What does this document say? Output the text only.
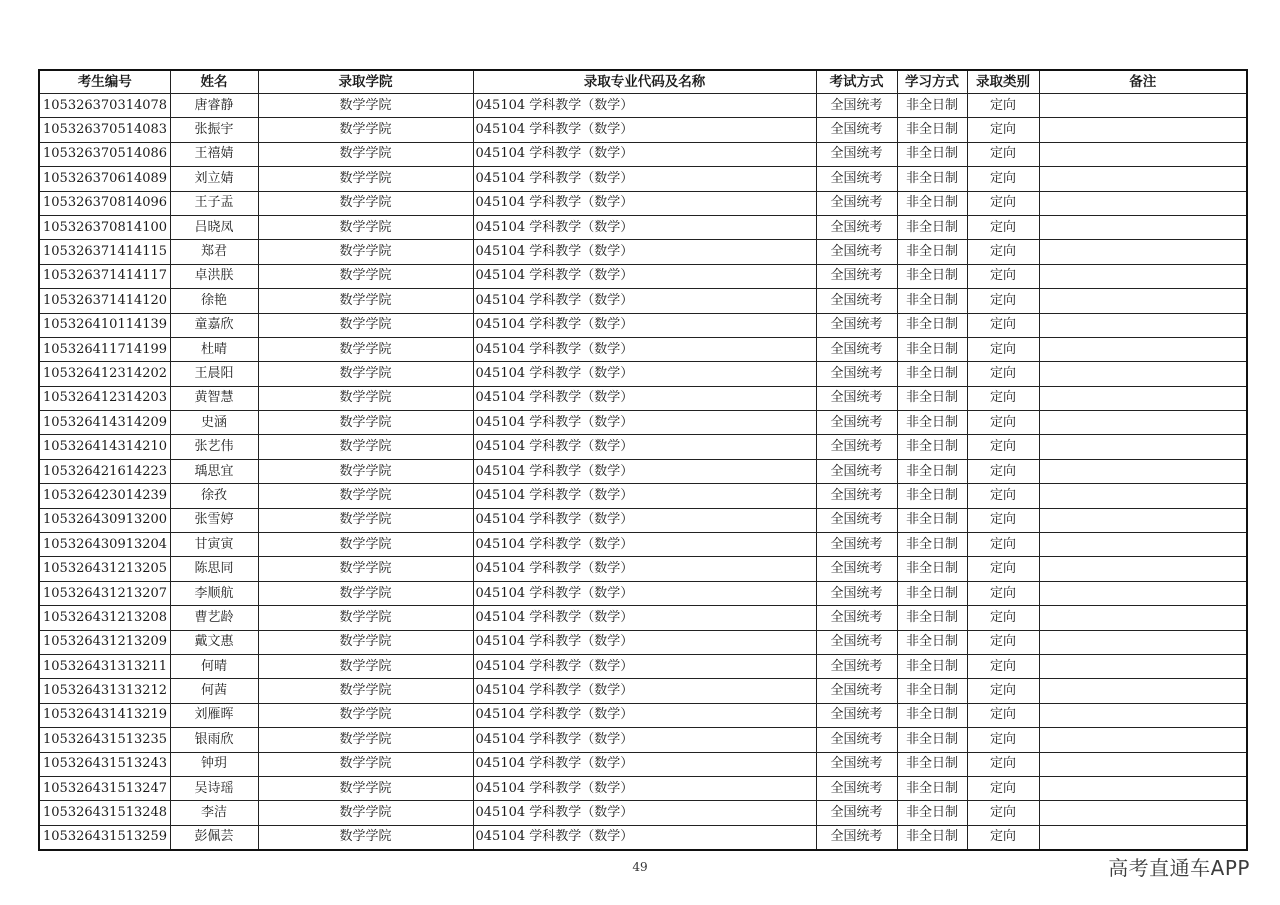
考生编号	姓名	录取学院	录取专业代码及名称	考试方式	学习方式	录取类别	备注
105326370314078	唐睿静	数学学院	045104 学科教学（数学）	全国统考	非全日制	定向	
105326370514083	张振宇	数学学院	045104 学科教学（数学）	全国统考	非全日制	定向	
105326370514086	王禧婧	数学学院	045104 学科教学（数学）	全国统考	非全日制	定向	
105326370614089	刘立婧	数学学院	045104 学科教学（数学）	全国统考	非全日制	定向	
105326370814096	王子盂	数学学院	045104 学科教学（数学）	全国统考	非全日制	定向	
105326370814100	吕晓凤	数学学院	045104 学科教学（数学）	全国统考	非全日制	定向	
105326371414115	郑君	数学学院	045104 学科教学（数学）	全国统考	非全日制	定向	
105326371414117	卓洪朕	数学学院	045104 学科教学（数学）	全国统考	非全日制	定向	
105326371414120	徐艳	数学学院	045104 学科教学（数学）	全国统考	非全日制	定向	
105326410114139	童嘉欣	数学学院	045104 学科教学（数学）	全国统考	非全日制	定向	
105326411714199	杜晴	数学学院	045104 学科教学（数学）	全国统考	非全日制	定向	
105326412314202	王晨阳	数学学院	045104 学科教学（数学）	全国统考	非全日制	定向	
105326412314203	黄智慧	数学学院	045104 学科教学（数学）	全国统考	非全日制	定向	
105326414314209	史涵	数学学院	045104 学科教学（数学）	全国统考	非全日制	定向	
105326414314210	张艺伟	数学学院	045104 学科教学（数学）	全国统考	非全日制	定向	
105326421614223	瑀思宜	数学学院	045104 学科教学（数学）	全国统考	非全日制	定向	
105326423014239	徐孜	数学学院	045104 学科教学（数学）	全国统考	非全日制	定向	
105326430913200	张雪婷	数学学院	045104 学科教学（数学）	全国统考	非全日制	定向	
105326430913204	甘寅寅	数学学院	045104 学科教学（数学）	全国统考	非全日制	定向	
105326431213205	陈思同	数学学院	045104 学科教学（数学）	全国统考	非全日制	定向	
105326431213207	李顺航	数学学院	045104 学科教学（数学）	全国统考	非全日制	定向	
105326431213208	曹艺龄	数学学院	045104 学科教学（数学）	全国统考	非全日制	定向	
105326431213209	戴文惠	数学学院	045104 学科教学（数学）	全国统考	非全日制	定向	
105326431313211	何晴	数学学院	045104 学科教学（数学）	全国统考	非全日制	定向	
105326431313212	何茜	数学学院	045104 学科教学（数学）	全国统考	非全日制	定向	
105326431413219	刘雁晖	数学学院	045104 学科教学（数学）	全国统考	非全日制	定向	
105326431513235	银雨欣	数学学院	045104 学科教学（数学）	全国统考	非全日制	定向	
105326431513243	钟玥	数学学院	045104 学科教学（数学）	全国统考	非全日制	定向	
105326431513247	吴诗瑶	数学学院	045104 学科教学（数学）	全国统考	非全日制	定向	
105326431513248	李洁	数学学院	045104 学科教学（数学）	全国统考	非全日制	定向	
105326431513259	彭佩芸	数学学院	045104 学科教学（数学）	全国统考	非全日制	定向	
49	高考直通车APP
